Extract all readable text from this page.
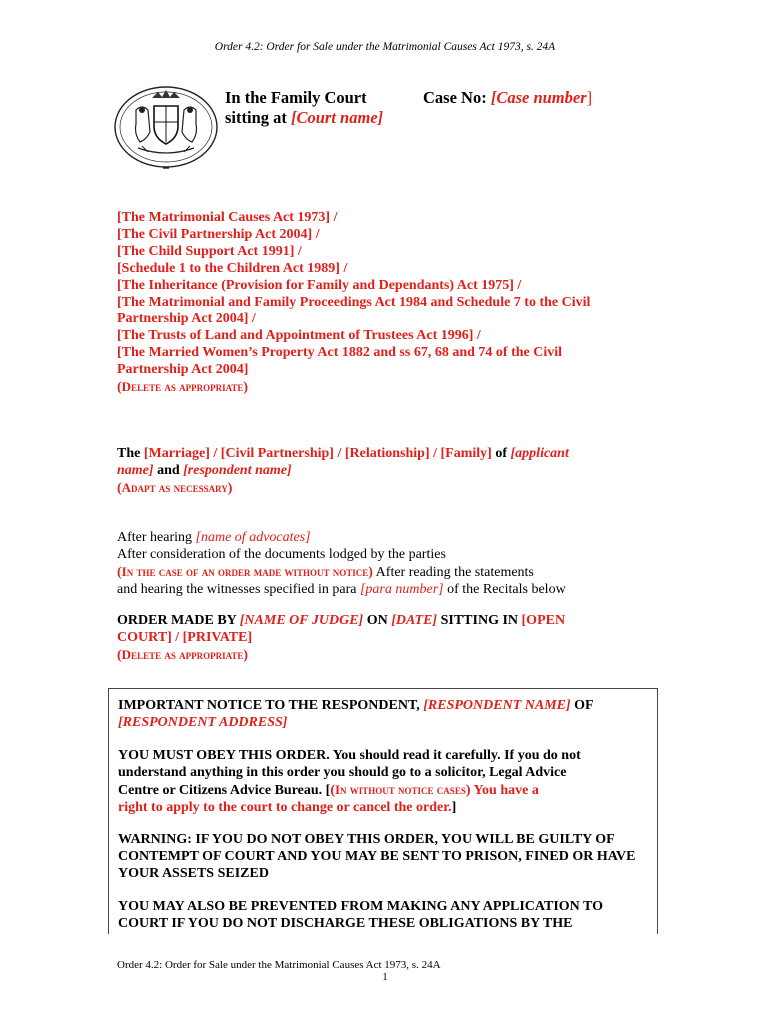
Order 4.2: Order for Sale under the Matrimonial Causes Act 1973, s. 24A
In the Family Court
sitting at [Court name]
Case No: [Case number]
[The Matrimonial Causes Act 1973] /
[The Civil Partnership Act 2004] /
[The Child Support Act 1991] /
[Schedule 1 to the Children Act 1989] /
[The Inheritance (Provision for Family and Dependants) Act 1975] /
[The Matrimonial and Family Proceedings Act 1984 and Schedule 7 to the Civil
Partnership Act 2004] /
[The Trusts of Land and Appointment of Trustees Act 1996] /
[The Married Women’s Property Act 1882 and ss 67, 68 and 74 of the Civil
Partnership Act 2004]
(Delete as appropriate)
The [Marriage] / [Civil Partnership] / [Relationship] / [Family] of [applicant
name] and [respondent name]
(Adapt as necessary)
After hearing [name of advocates]
After consideration of the documents lodged by the parties
(In the case of an order made without notice) After reading the statements
and hearing the witnesses specified in para [para number] of the Recitals below
ORDER MADE BY [NAME OF JUDGE] ON [DATE] SITTING IN [OPEN
COURT] / [PRIVATE]
(Delete as appropriate)

IMPORTANT NOTICE TO THE RESPONDENT, [RESPONDENT NAME] OF
[RESPONDENT ADDRESS]

YOU MUST OBEY THIS ORDER. You should read it carefully. If you do not
understand anything in this order you should go to a solicitor, Legal Advice
Centre or Citizens Advice Bureau. [(In without notice cases) You have a
right to apply to the court to change or cancel the order.]

WARNING: IF YOU DO NOT OBEY THIS ORDER, YOU WILL BE GUILTY OF CONTEMPT OF COURT AND YOU MAY BE SENT TO PRISON, FINED OR HAVE YOUR ASSETS SEIZED

YOU MAY ALSO BE PREVENTED FROM MAKING ANY APPLICATION TO COURT IF YOU DO NOT DISCHARGE THESE OBLIGATIONS BY THE

Order 4.2: Order for Sale under the Matrimonial Causes Act 1973, s. 24A
1
